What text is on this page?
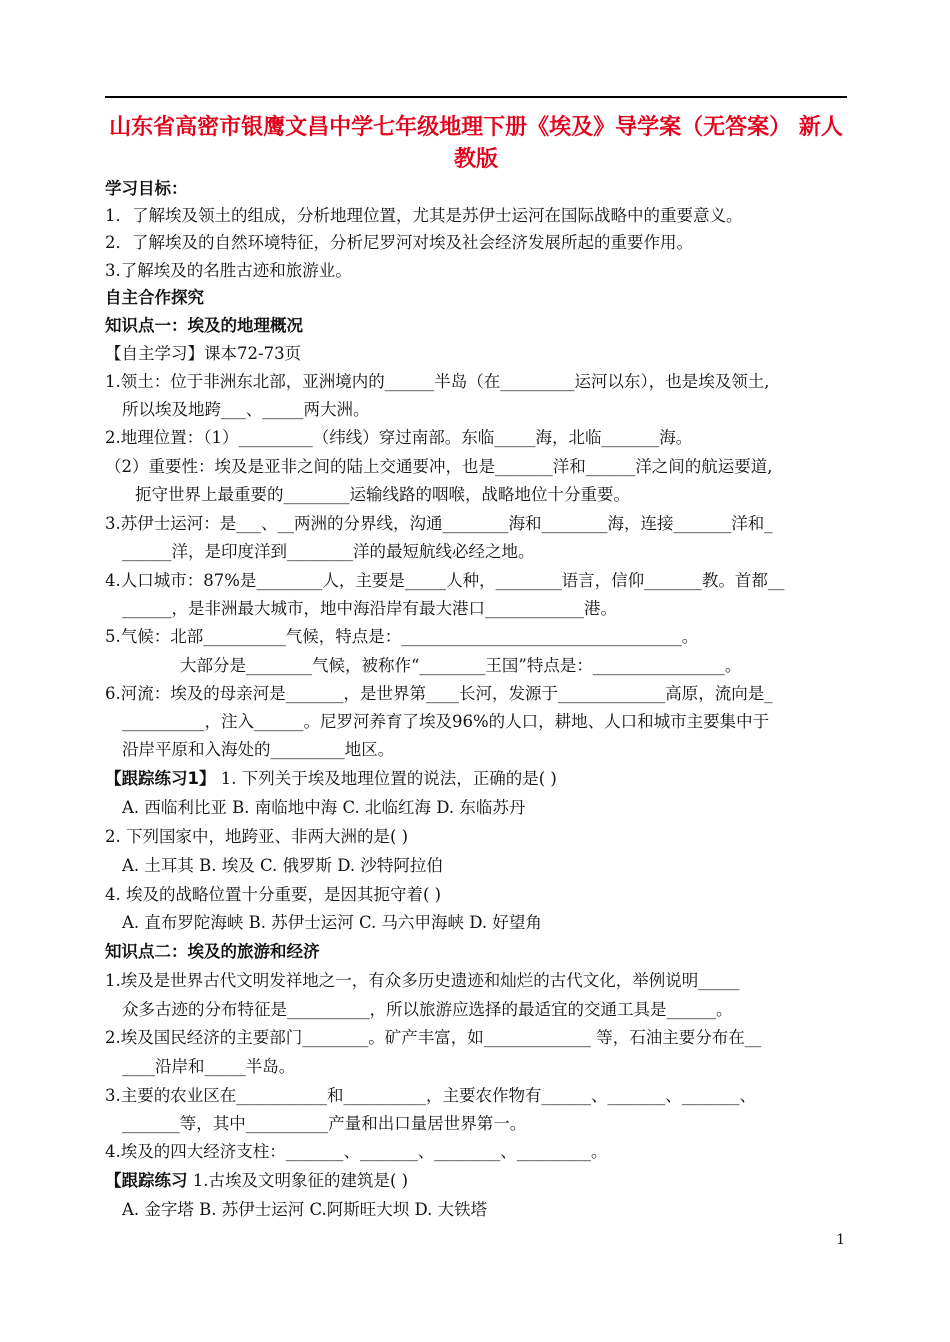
山东省高密市银鹰文昌中学七年级地理下册《埃及》导学案（无答案） 新人教版
学习目标：
1．了解埃及领土的组成，分析地理位置，尤其是苏伊士运河在国际战略中的重要意义。
2．了解埃及的自然环境特征，分析尼罗河对埃及社会经济发展所起的重要作用。
3.了解埃及的名胜古迹和旅游业。
自主合作探究
知识点一：埃及的地理概况
【自主学习】课本72-73页
1.领土：位于非洲东北部，亚洲境内的______半岛（在_________运河以东），也是埃及领土,
所以埃及地跨___、_____两大洲。
2.地理位置：（1）_________（纬线）穿过南部。东临_____海，北临_______海。
（2）重要性：埃及是亚非之间的陆上交通要冲，也是_______洋和______洋之间的航运要道,
扼守世界上最重要的________运输线路的咽喉，战略地位十分重要。
3.苏伊士运河：是___、__两洲的分界线，沟通________海和________海，连接_______洋和_
______洋，是印度洋到________洋的最短航线必经之地。
4.人口城市：87%是________人，主要是_____人种，________语言，信仰_______教。首都__
______，是非洲最大城市，地中海沿岸有最大港口____________港。
5.气候：北部__________气候，特点是：__________________________________。
大部分是________气候，被称作“________王国”特点是：________________。
6.河流：埃及的母亲河是_______，是世界第____长河，发源于_____________高原，流向是_
__________，注入______。尼罗河养育了埃及96%的人口，耕地、人口和城市主要集中于
沿岸平原和入海处的_________地区。
【跟踪练习1】 1. 下列关于埃及地理位置的说法，正确的是( )
A. 西临利比亚 B. 南临地中海 C. 北临红海 D. 东临苏丹
2. 下列国家中，地跨亚、非两大洲的是( )
A. 土耳其 B. 埃及 C. 俄罗斯 D. 沙特阿拉伯
4. 埃及的战略位置十分重要，是因其扼守着( )
A. 直布罗陀海峡 B. 苏伊士运河 C. 马六甲海峡 D. 好望角
知识点二：埃及的旅游和经济
1.埃及是世界古代文明发祥地之一，有众多历史遗迹和灿烂的古代文化，举例说明_____
众多古迹的分布特征是__________，所以旅游应选择的最适宜的交通工具是______。
2.埃及国民经济的主要部门________。矿产丰富，如_____________ 等，石油主要分布在__
____沿岸和_____半岛。
3.主要的农业区在___________和__________，主要农作物有______、_______、_______、
_______等，其中__________产量和出口量居世界第一。
4.埃及的四大经济支柱：_______、_______、________、_________。
【跟踪练习 1.古埃及文明象征的建筑是( )
A. 金字塔 B. 苏伊士运河 C.阿斯旺大坝 D. 大铁塔
1
